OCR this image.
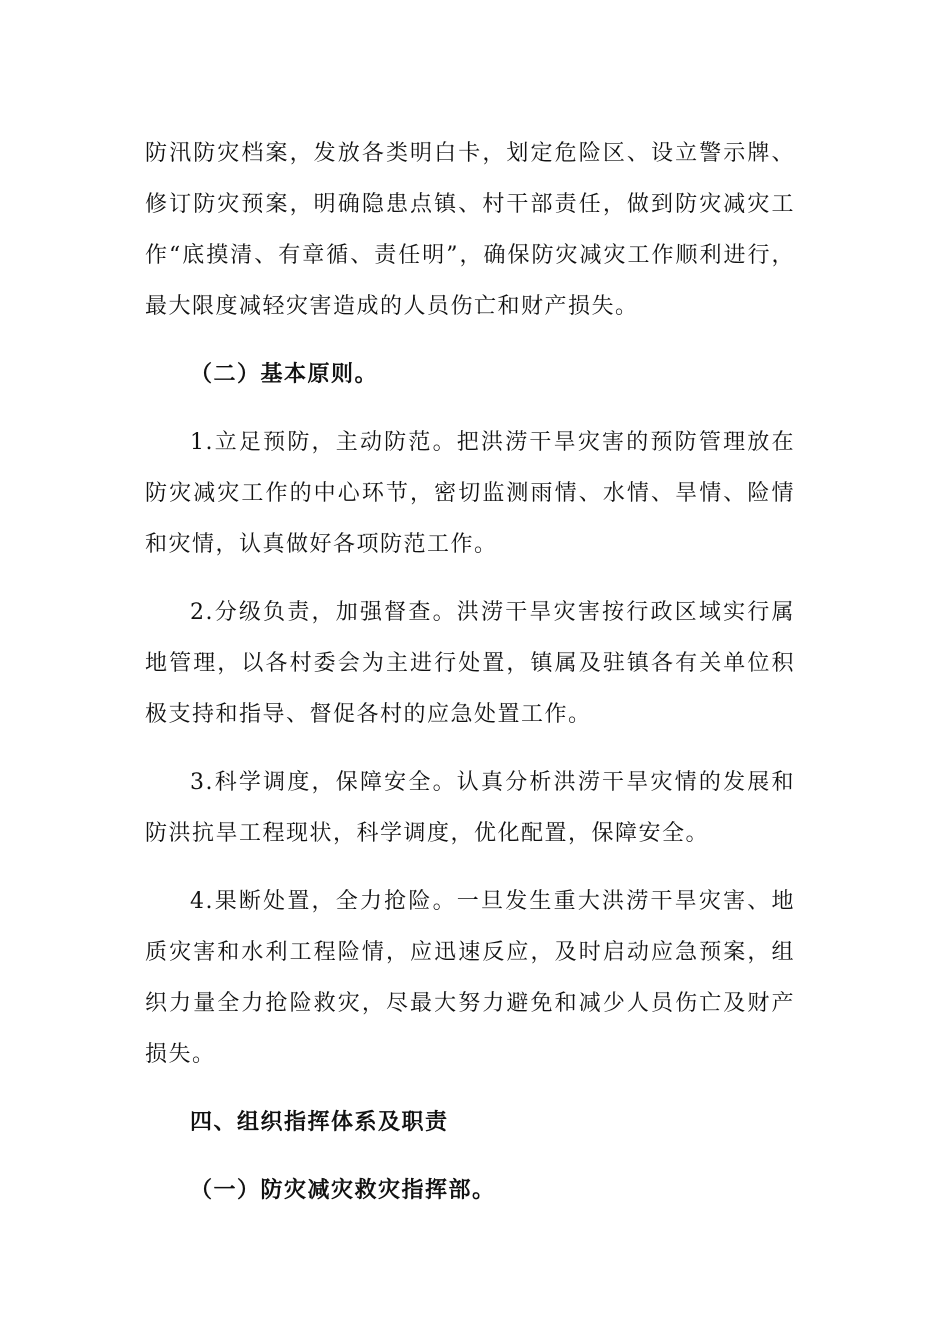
防汛防灾档案，发放各类明白卡，划定危险区、设立警示牌、修订防灾预案，明确隐患点镇、村干部责任，做到防灾减灾工作“底摸清、有章循、责任明”，确保防灾减灾工作顺利进行，最大限度减轻灾害造成的人员伤亡和财产损失。

（二）基本原则。

1.立足预防，主动防范。把洪涝干旱灾害的预防管理放在防灾减灾工作的中心环节，密切监测雨情、水情、旱情、险情和灾情，认真做好各项防范工作。

2.分级负责，加强督查。洪涝干旱灾害按行政区域实行属地管理，以各村委会为主进行处置，镇属及驻镇各有关单位积极支持和指导、督促各村的应急处置工作。

3.科学调度，保障安全。认真分析洪涝干旱灾情的发展和防洪抗旱工程现状，科学调度，优化配置，保障安全。

4.果断处置，全力抢险。一旦发生重大洪涝干旱灾害、地质灾害和水利工程险情，应迅速反应，及时启动应急预案，组织力量全力抢险救灾，尽最大努力避免和减少人员伤亡及财产损失。

四、组织指挥体系及职责

（一）防灾减灾救灾指挥部。
